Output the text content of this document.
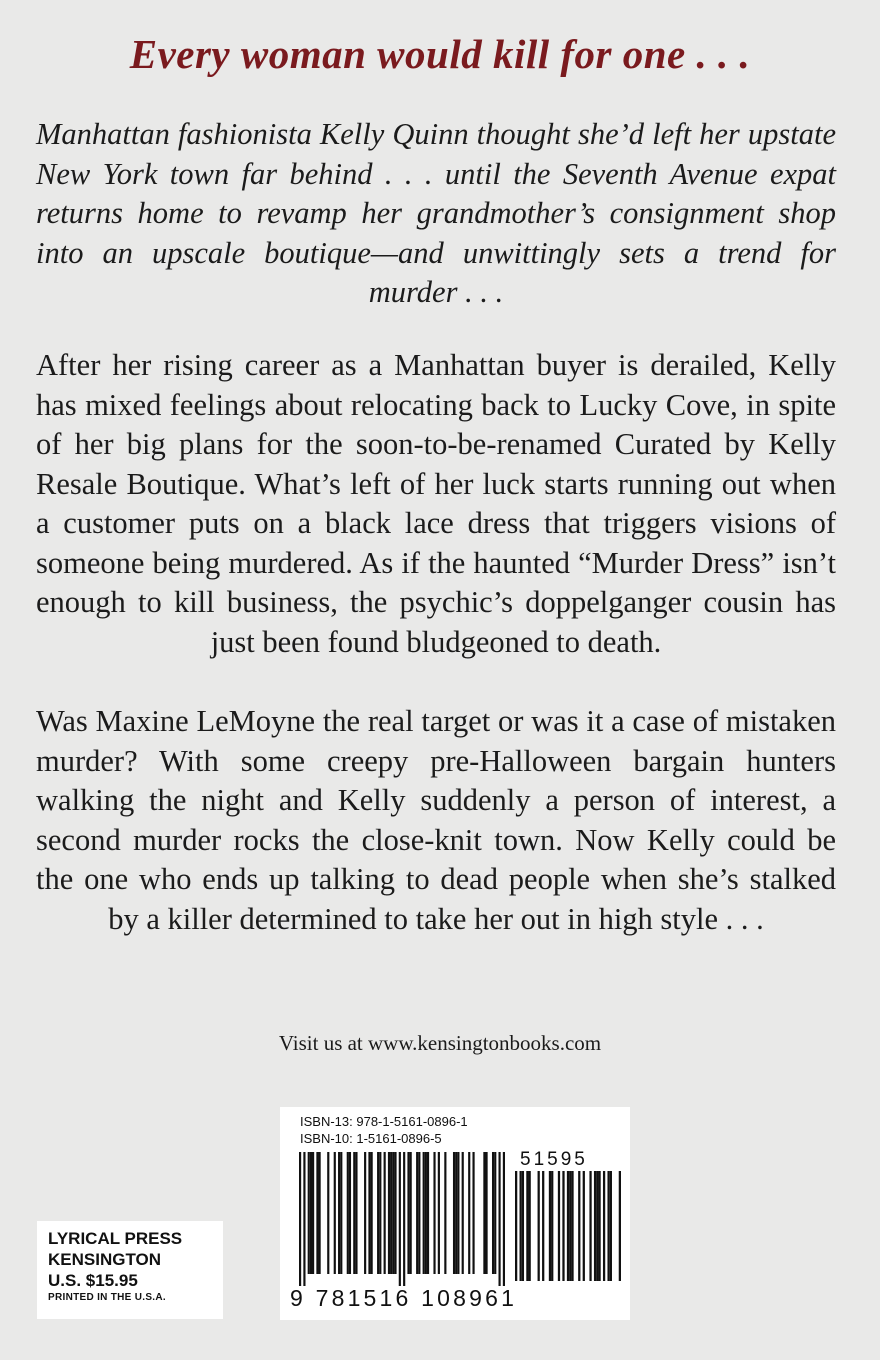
Every woman would kill for one . . .
Manhattan fashionista Kelly Quinn thought she’d left her upstate New York town far behind . . . until the Seventh Avenue expat returns home to revamp her grandmother’s consignment shop into an upscale boutique—and unwittingly sets a trend for murder . . .
After her rising career as a Manhattan buyer is derailed, Kelly has mixed feelings about relocating back to Lucky Cove, in spite of her big plans for the soon-to-be-renamed Curated by Kelly Resale Boutique. What’s left of her luck starts running out when a customer puts on a black lace dress that triggers visions of someone being murdered. As if the haunted “Murder Dress” isn’t enough to kill business, the psychic’s doppelganger cousin has just been found bludgeoned to death.
Was Maxine LeMoyne the real target or was it a case of mistaken murder? With some creepy pre-Halloween bargain hunters walking the night and Kelly suddenly a person of interest, a second murder rocks the close-knit town. Now Kelly could be the one who ends up talking to dead people when she’s stalked by a killer determined to take her out in high style . . .
Visit us at www.kensingtonbooks.com
LYRICAL PRESS
KENSINGTON
U.S. $15.95
PRINTED IN THE U.S.A.
ISBN-13: 978-1-5161-0896-1
ISBN-10: 1-5161-0896-5
51595
9 781516 108961
